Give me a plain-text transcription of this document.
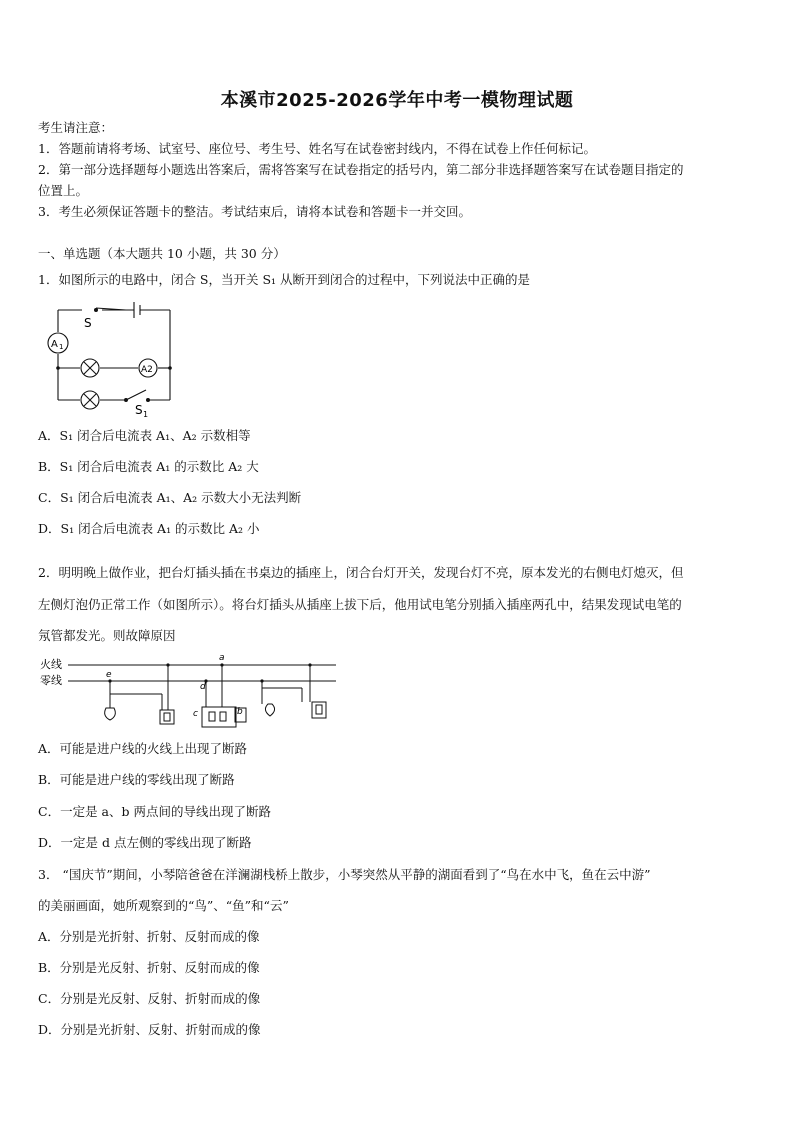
本溪市2025-2026学年中考一模物理试题
考生请注意：
1．答题前请将考场、试室号、座位号、考生号、姓名写在试卷密封线内，不得在试卷上作任何标记。
2．第一部分选择题每小题选出答案后，需将答案写在试卷指定的括号内，第二部分非选择题答案写在试卷题目指定的
位置上。
3．考生必须保证答题卡的整洁。考试结束后，请将本试卷和答题卡一并交回。
一、单选题（本大题共 10 小题，共 30 分）
1．如图所示的电路中，闭合 S，当开关 S₁ 从断开到闭合的过程中，下列说法中正确的是
S
A 1
A2
S 1
A．S₁ 闭合后电流表 A₁、A₂ 示数相等
B．S₁ 闭合后电流表 A₁ 的示数比 A₂ 大
C．S₁ 闭合后电流表 A₁、A₂ 示数大小无法判断
D．S₁ 闭合后电流表 A₁ 的示数比 A₂ 小
2．明明晚上做作业，把台灯插头插在书桌边的插座上，闭合台灯开关，发现台灯不亮，原本发光的右侧电灯熄灭，但
左侧灯泡仍正常工作（如图所示）。将台灯插头从插座上拔下后，他用试电笔分别插入插座两孔中，结果发现试电笔的
氖管都发光。则故障原因
火线
零线
a
d
c	b
e
A．可能是进户线的火线上出现了断路
B．可能是进户线的零线出现了断路
C．一定是 a、b 两点间的导线出现了断路
D．一定是 d 点左侧的零线出现了断路
3． “国庆节”期间，小琴陪爸爸在洋澜湖栈桥上散步，小琴突然从平静的湖面看到了“鸟在水中飞，鱼在云中游”
的美丽画面，她所观察到的“鸟”、“鱼”和“云”
A．分别是光折射、折射、反射而成的像
B．分别是光反射、折射、反射而成的像
C．分别是光反射、反射、折射而成的像
D．分别是光折射、反射、折射而成的像
